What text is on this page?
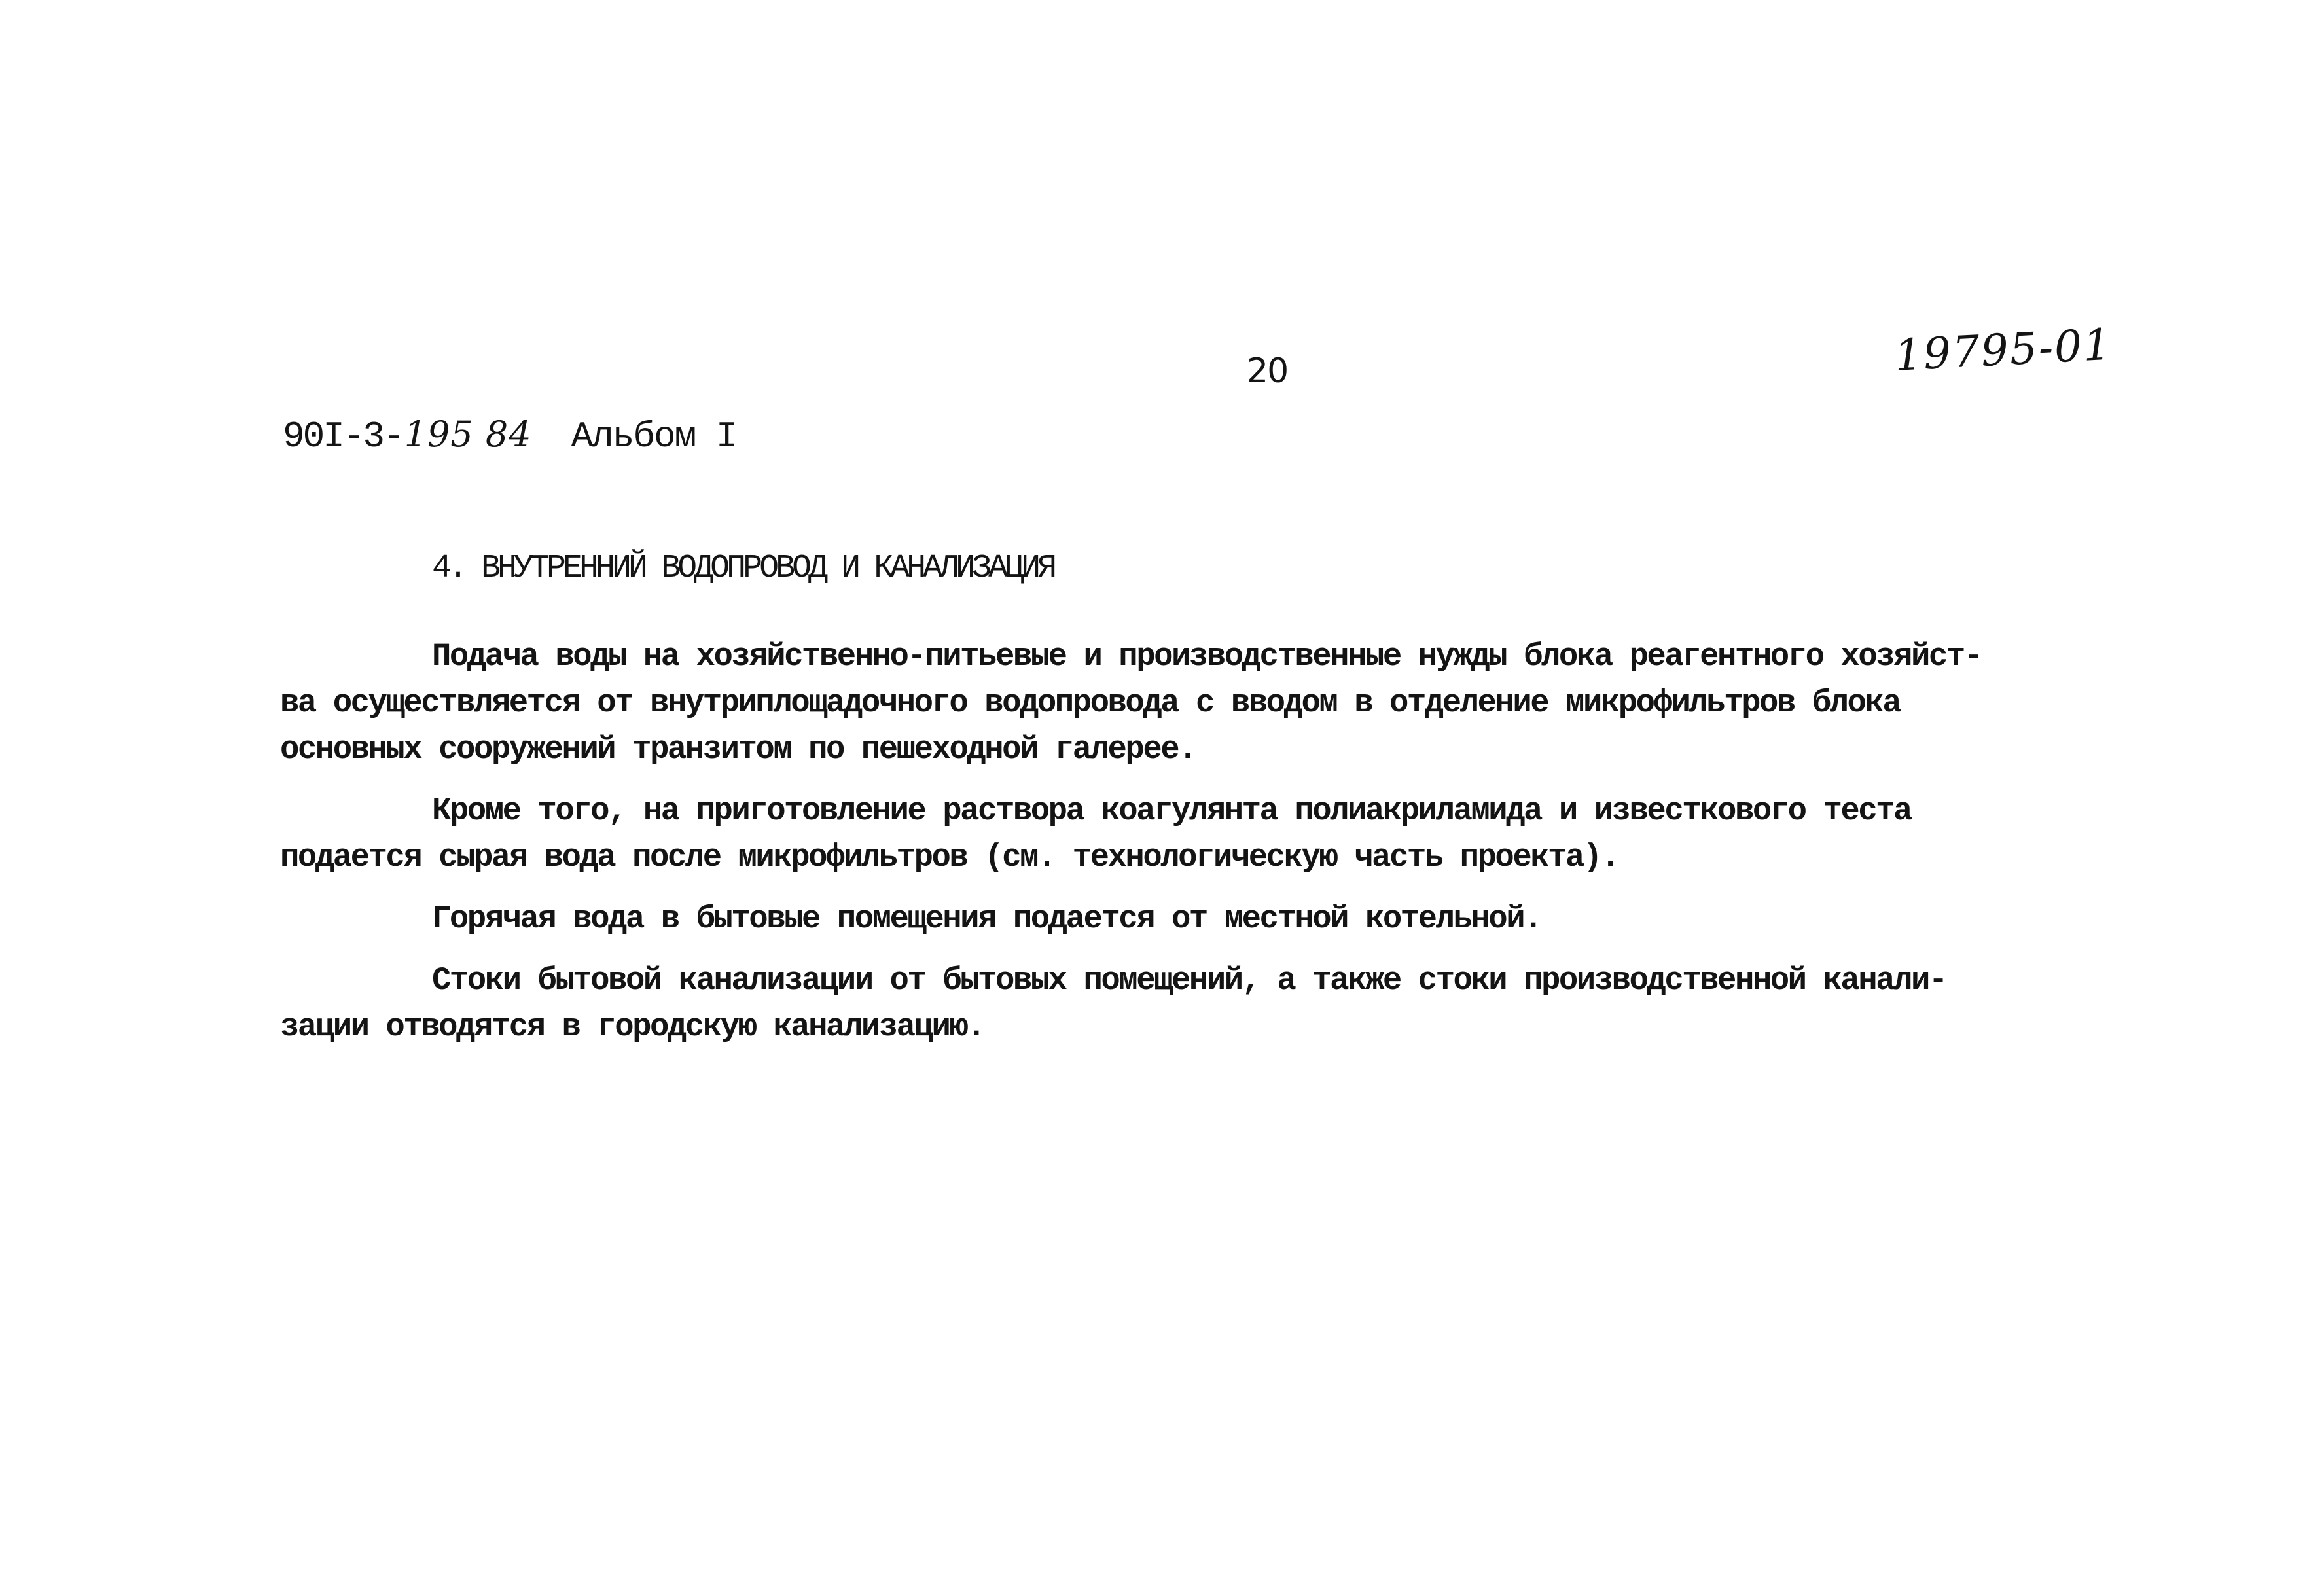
20	19795-01
90I-3- 195 84 Альбом I
4. ВНУТРЕННИЙ ВОДОПРОВОД И КАНАЛИЗАЦИЯ

Подача воды на хозяйственно-питьевые и производственные нужды блока реагентного хозяйст-
ва осуществляется от внутриплощадочного водопровода с вводом в отделение микрофильтров блока
основных сооружений транзитом по пешеходной галерее.

Кроме того, на приготовление раствора коагулянта полиакриламида и известкового теста
подается сырая вода после микрофильтров (см. технологическую часть проекта).

Горячая вода в бытовые помещения подается от местной котельной.

Стоки бытовой канализации от бытовых помещений, а также стоки производственной канали-
зации отводятся в городскую канализацию.
